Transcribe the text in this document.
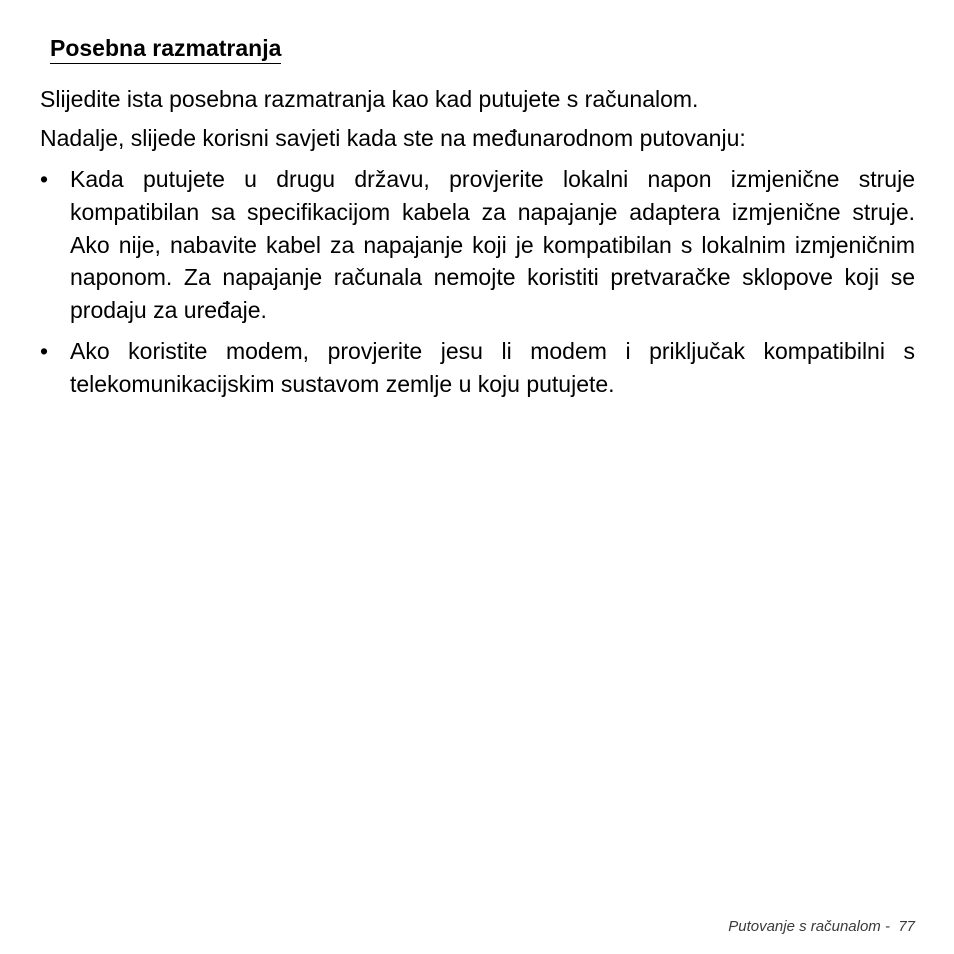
Posebna razmatranja

Slijedite ista posebna razmatranja kao kad putujete s računalom.

Nadalje, slijede korisni savjeti kada ste na međunarodnom putovanju:

• Kada putujete u drugu državu, provjerite lokalni napon izmjenične struje kompatibilan sa specifikacijom kabela za napajanje adaptera izmjenične struje. Ako nije, nabavite kabel za napajanje koji je kompatibilan s lokalnim izmjeničnim naponom. Za napajanje računala nemojte koristiti pretvaračke sklopove koji se prodaju za uređaje.
• Ako koristite modem, provjerite jesu li modem i priključak kompatibilni s telekomunikacijskim sustavom zemlje u koju putujete.
Putovanje s računalom -  77
